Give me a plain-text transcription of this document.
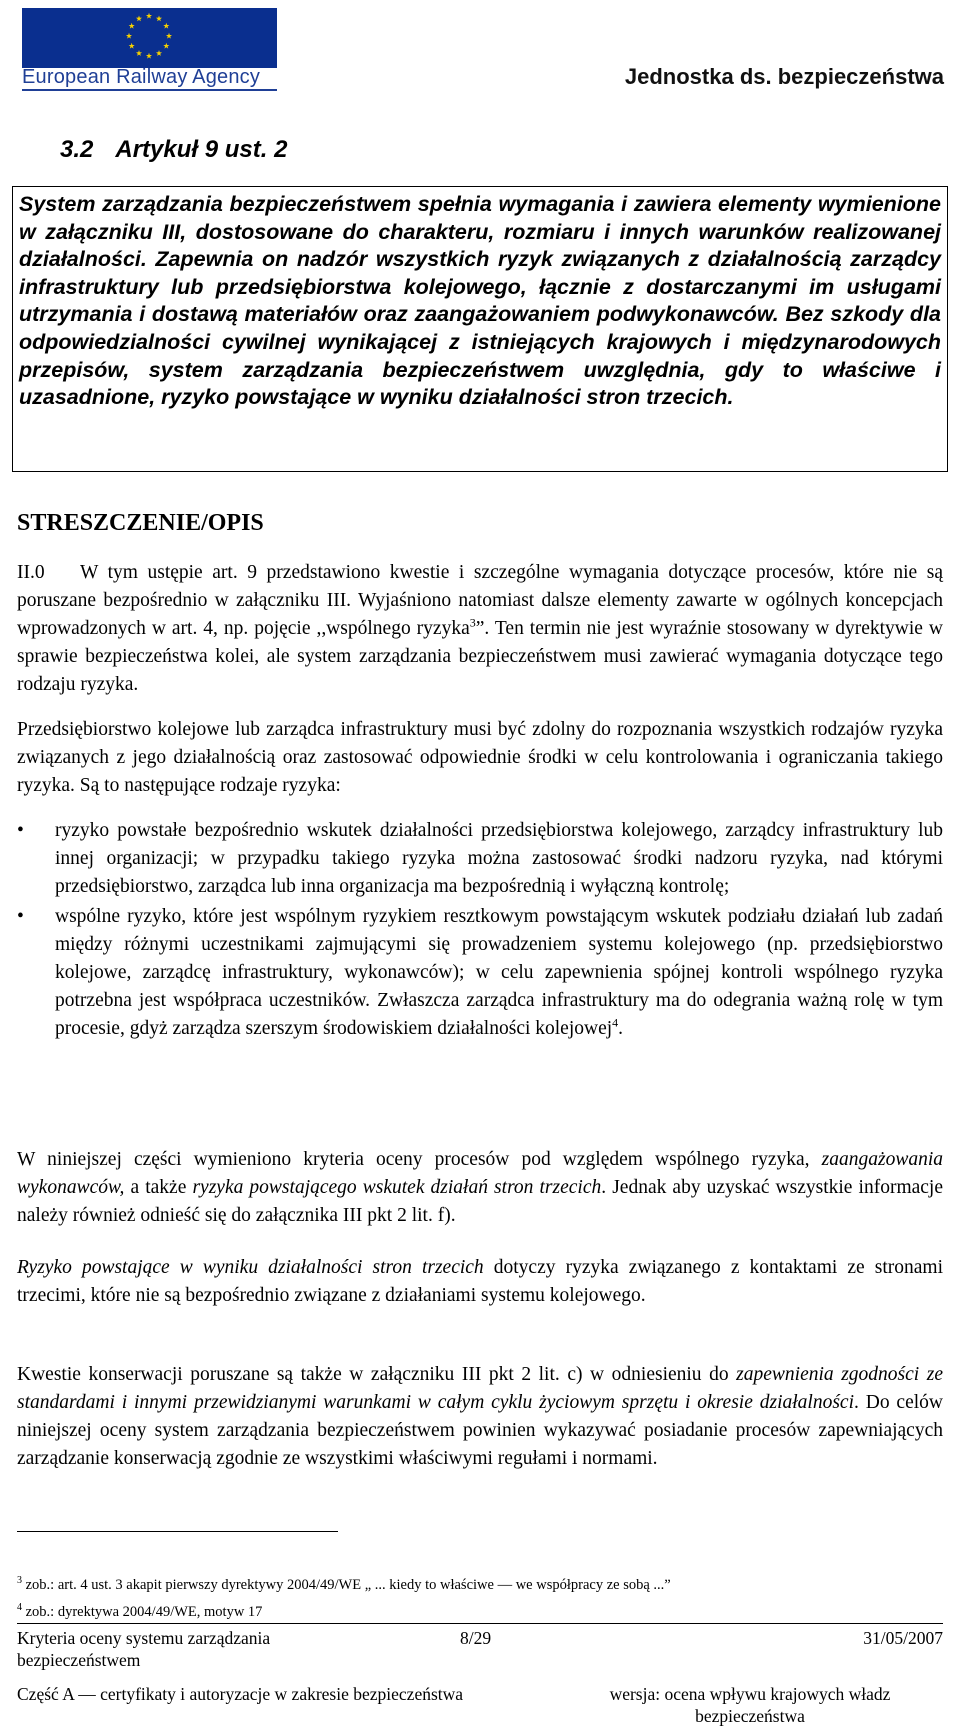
European Railway Agency	Jednostka ds. bezpieczeństwa
3.2 Artykuł 9 ust. 2

System zarządzania bezpieczeństwem spełnia wymagania i zawiera elementy wymienione w załączniku III, dostosowane do charakteru, rozmiaru i innych warunków realizowanej działalności. Zapewnia on nadzór wszystkich ryzyk związanych z działalnością zarządcy infrastruktury lub przedsiębiorstwa kolejowego, łącznie z dostarczanymi im usługami utrzymania i dostawą materiałów oraz zaangażowaniem podwykonawców. Bez szkody dla odpowiedzialności cywilnej wynikającej z istniejących krajowych i międzynarodowych przepisów, system zarządzania bezpieczeństwem uwzględnia, gdy to właściwe i uzasadnione, ryzyko powstające w wyniku działalności stron trzecich.

STRESZCZENIE/OPIS

II.0 W tym ustępie art. 9 przedstawiono kwestie i szczególne wymagania dotyczące procesów, które nie są poruszane bezpośrednio w załączniku III. Wyjaśniono natomiast dalsze elementy zawarte w ogólnych koncepcjach wprowadzonych w art. 4, np. pojęcie ,,wspólnego ryzyka$^3$”. Ten termin nie jest wyraźnie stosowany w dyrektywie w sprawie bezpieczeństwa kolei, ale system zarządzania bezpieczeństwem musi zawierać wymagania dotyczące tego rodzaju ryzyka.

Przedsiębiorstwo kolejowe lub zarządca infrastruktury musi być zdolny do rozpoznania wszystkich rodzajów ryzyka związanych z jego działalnością oraz zastosować odpowiednie środki w celu kontrolowania i ograniczania takiego ryzyka. Są to następujące rodzaje ryzyka:

•	ryzyko powstałe bezpośrednio wskutek działalności przedsiębiorstwa kolejowego, zarządcy infrastruktury lub innej organizacji; w przypadku takiego ryzyka można zastosować środki nadzoru ryzyka, nad którymi przedsiębiorstwo, zarządca lub inna organizacja ma bezpośrednią i wyłączną kontrolę;
•	wspólne ryzyko, które jest wspólnym ryzykiem resztkowym powstającym wskutek podziału działań lub zadań między różnymi uczestnikami zajmującymi się prowadzeniem systemu kolejowego (np. przedsiębiorstwo kolejowe, zarządcę infrastruktury, wykonawców); w celu zapewnienia spójnej kontroli wspólnego ryzyka potrzebna jest współpraca uczestników. Zwłaszcza zarządca infrastruktury ma do odegrania ważną rolę w tym procesie, gdyż zarządza szerszym środowiskiem działalności kolejowej$^4$.

W niniejszej części wymieniono kryteria oceny procesów pod względem wspólnego ryzyka, zaangażowania wykonawców, a także ryzyka powstającego wskutek działań stron trzecich. Jednak aby uzyskać wszystkie informacje należy również odnieść się do załącznika III pkt 2 lit. f).

Ryzyko powstające w wyniku działalności stron trzecich dotyczy ryzyka związanego z kontaktami ze stronami trzecimi, które nie są bezpośrednio związane z działaniami systemu kolejowego.

Kwestie konserwacji poruszane są także w załączniku III pkt 2 lit. c) w odniesieniu do zapewnienia zgodności ze standardami i innymi przewidzianymi warunkami w całym cyklu życiowym sprzętu i okresie działalności. Do celów niniejszej oceny system zarządzania bezpieczeństwem powinien wykazywać posiadanie procesów zapewniających zarządzanie konserwacją zgodnie ze wszystkimi właściwymi regułami i normami.

$^3$ zob.: art. 4 ust. 3 akapit pierwszy dyrektywy 2004/49/WE „ ... kiedy to właściwe — we współpracy ze sobą ...”
$^4$ zob.: dyrektywa 2004/49/WE, motyw 17
Kryteria oceny systemu zarządzania bezpieczeństwem
8/29	31/05/2007
Część A — certyfikaty i autoryzacje w zakresie bezpieczeństwa	wersja: ocena wpływu krajowych władz bezpieczeństwa
